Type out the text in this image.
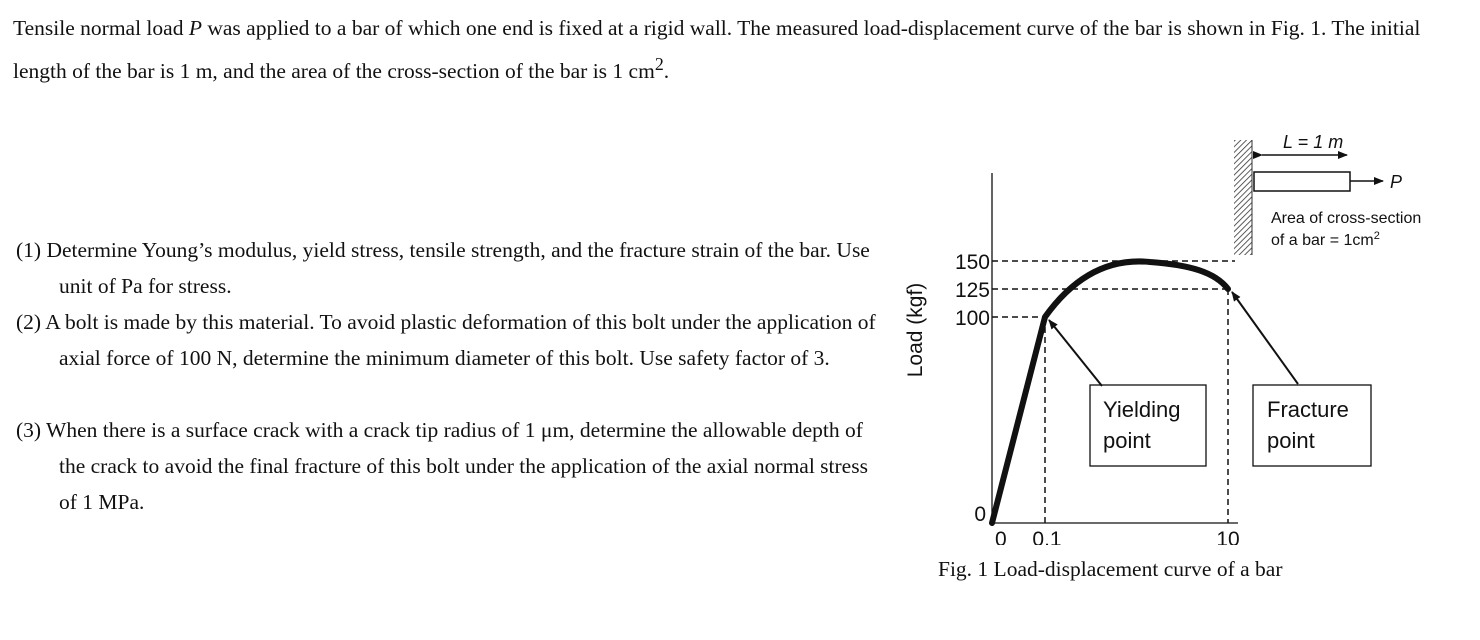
Tensile normal load P was applied to a bar of which one end is fixed at a rigid wall. The measured load-displacement curve of the bar is shown in Fig. 1. The initial length of the bar is 1 m, and the area of the cross-section of the bar is 1 $cm^2$.

(1) Determine Young’s modulus, yield stress, tensile strength, and the fracture strain of the bar. Use unit of Pa for stress.

(2) A bolt is made by this material. To avoid plastic deformation of this bolt under the application of axial force of 100 N, determine the minimum diameter of this bolt. Use safety factor of 3.

(3) When there is a surface crack with a crack tip radius of 1 μm, determine the allowable depth of the crack to avoid the final fracture of this bolt under the application of the axial normal stress of 1 MPa.

150
125
100
0
0 0.1	10
Load (kgf)
Yielding
point
Fracture
point
P
L = 1 m
Area of cross-section
of a bar = $1cm^2$

Fig. 1 Load-displacement curve of a bar
